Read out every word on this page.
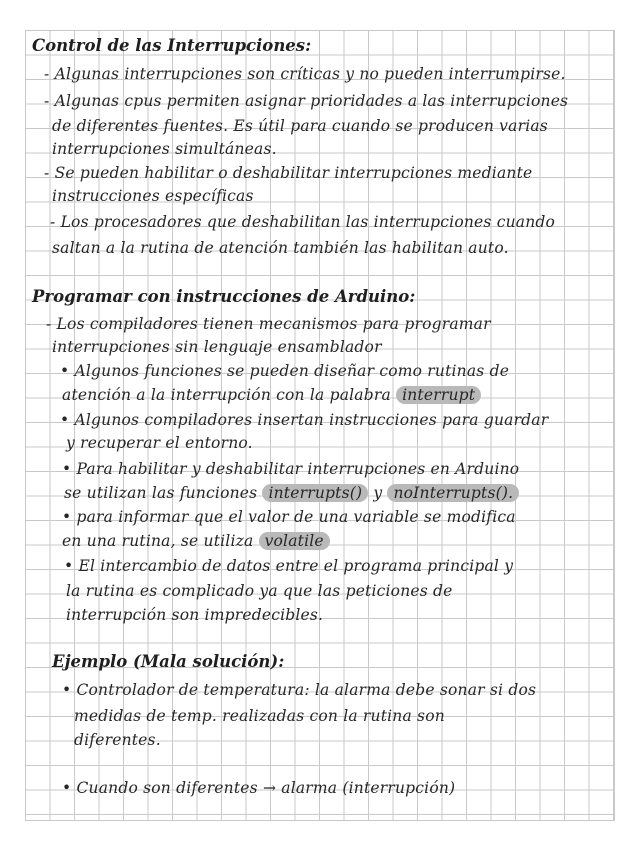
Control de las Interrupciones:
- Algunas interrupciones son críticas y no pueden interrumpirse.
- Algunas cpus permiten asignar prioridades a las interrupciones
de diferentes fuentes. Es útil para cuando se producen varias
interrupciones simultáneas.
- Se pueden habilitar o deshabilitar interrupciones mediante
instrucciones específicas
- Los procesadores que deshabilitan las interrupciones cuando
saltan a la rutina de atención también las habilitan auto.
Programar con instrucciones de Arduino:
- Los compiladores tienen mecanismos para programar
interrupciones sin lenguaje ensamblador
• Algunos funciones se pueden diseñar como rutinas de
atención a la interrupción con la palabra interrupt
• Algunos compiladores insertan instrucciones para guardar
y recuperar el entorno.
• Para habilitar y deshabilitar interrupciones en Arduino
se utilizan las funciones interrupts() y noInterrupts().
• para informar que el valor de una variable se modifica
en una rutina, se utiliza volatile
• El intercambio de datos entre el programa principal y
la rutina es complicado ya que las peticiones de
interrupción son impredecibles.
Ejemplo (Mala solución):
• Controlador de temperatura: la alarma debe sonar si dos
medidas de temp. realizadas con la rutina son
diferentes.
• Cuando son diferentes → alarma (interrupción)
